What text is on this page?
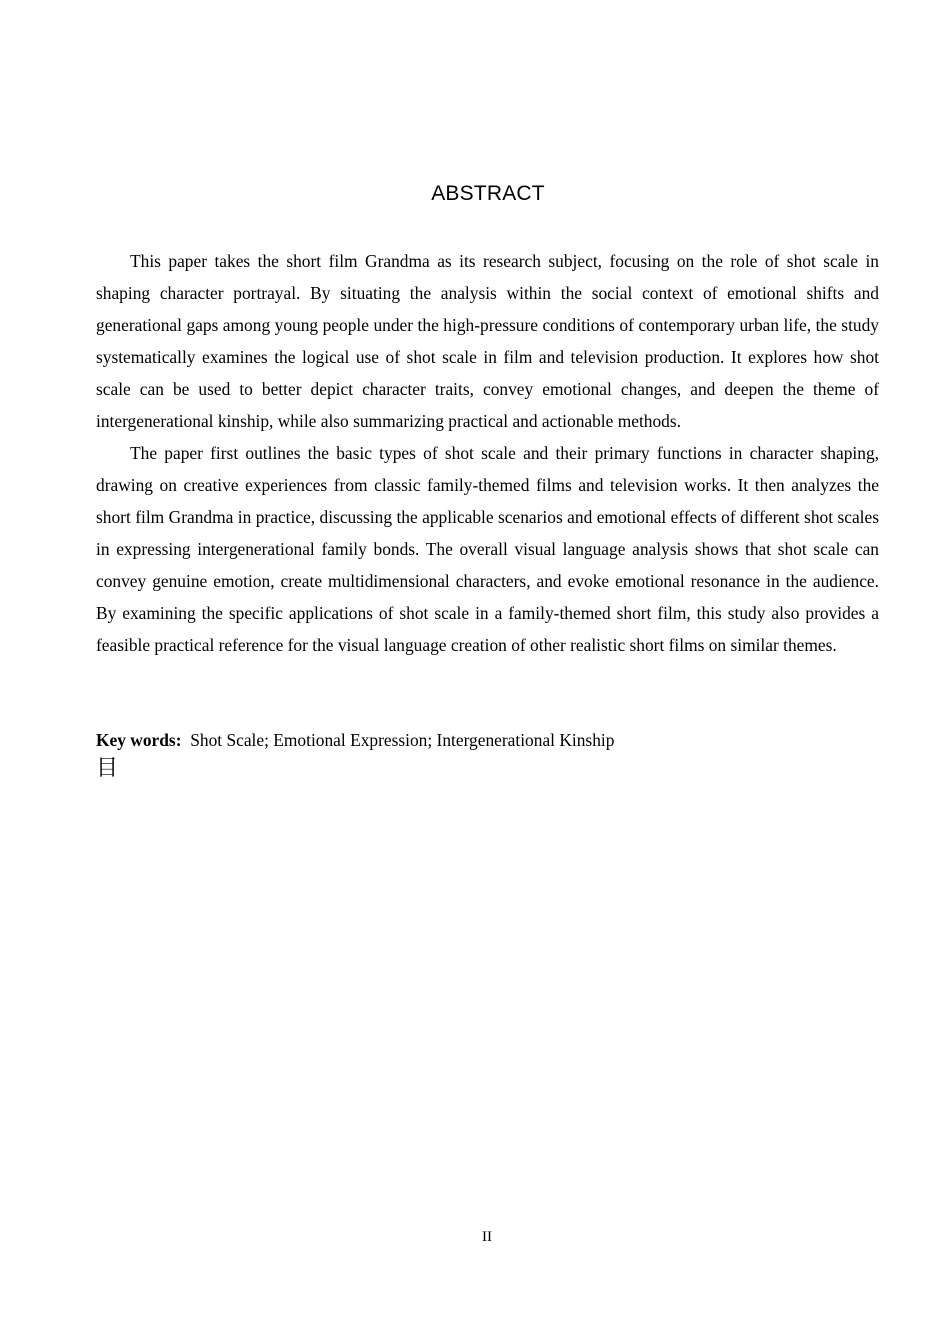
ABSTRACT

This paper takes the short film Grandma as its research subject, focusing on the role of shot scale in shaping character portrayal. By situating the analysis within the social context of emotional shifts and generational gaps among young people under the high-pressure conditions of contemporary urban life, the study systematically examines the logical use of shot scale in film and television production. It explores how shot scale can be used to better depict character traits, convey emotional changes, and deepen the theme of intergenerational kinship, while also summarizing practical and actionable methods.

The paper first outlines the basic types of shot scale and their primary functions in character shaping, drawing on creative experiences from classic family-themed films and television works. It then analyzes the short film Grandma in practice, discussing the applicable scenarios and emotional effects of different shot scales in expressing intergenerational family bonds. The overall visual language analysis shows that shot scale can convey genuine emotion, create multidimensional characters, and evoke emotional resonance in the audience. By examining the specific applications of shot scale in a family-themed short film, this study also provides a feasible practical reference for the visual language creation of other realistic short films on similar themes.

Key words: Shot Scale; Emotional Expression; Intergenerational Kinship
目
II
